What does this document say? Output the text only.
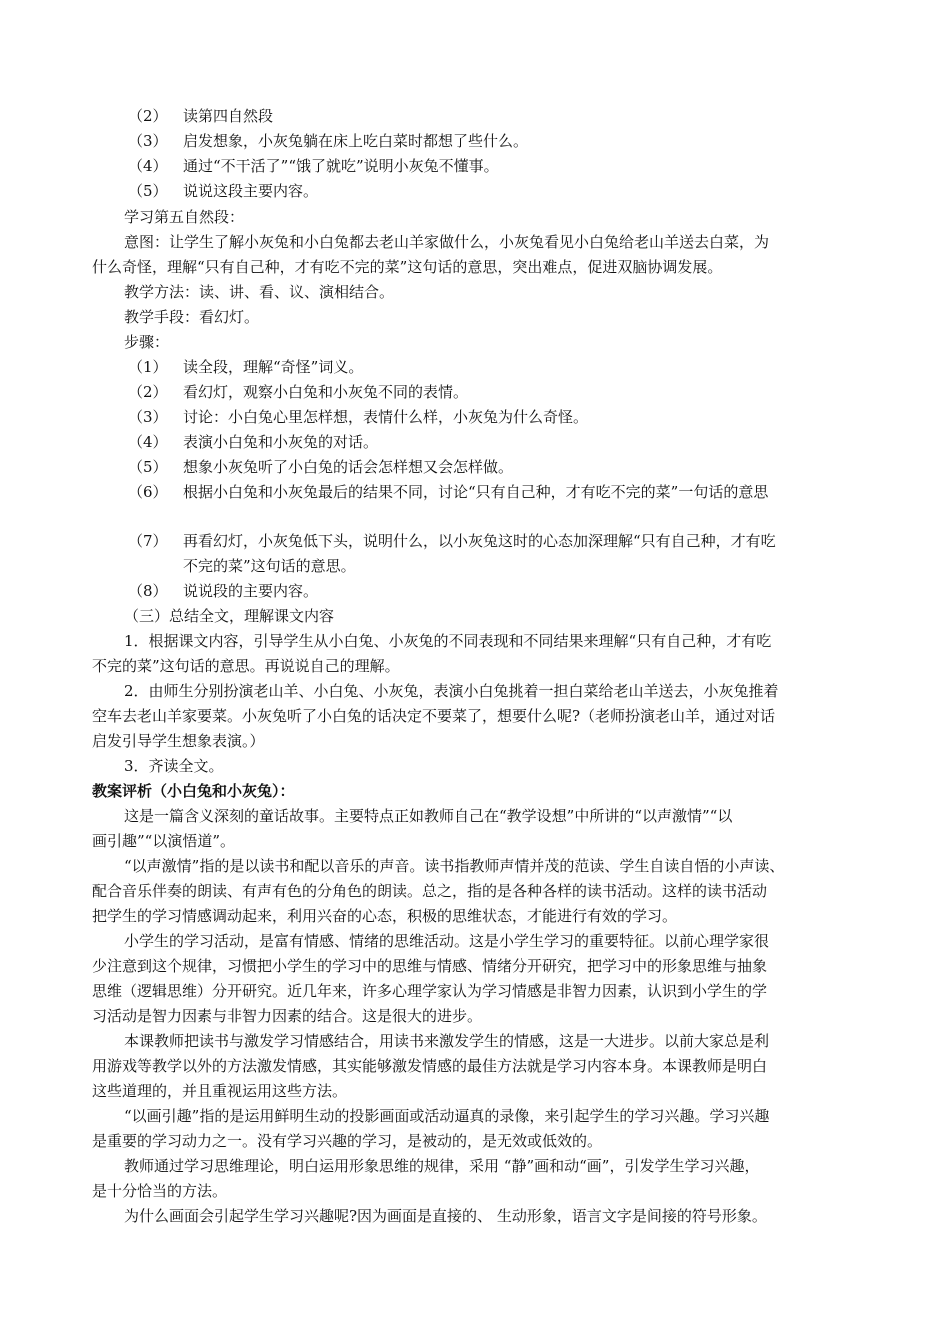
（2） 读第四自然段
（3） 启发想象，小灰兔躺在床上吃白菜时都想了些什么。
（4） 通过“不干活了”“饿了就吃”说明小灰兔不懂事。
（5） 说说这段主要内容。
学习第五自然段：
意图：让学生了解小灰兔和小白兔都去老山羊家做什么，小灰兔看见小白兔给老山羊送去白菜，为
什么奇怪，理解“只有自己种，才有吃不完的菜”这句话的意思，突出难点，促进双脑协调发展。
教学方法：读、讲、看、议、演相结合。
教学手段：看幻灯。
步骤：
（1） 读全段，理解“奇怪”词义。
（2） 看幻灯，观察小白兔和小灰兔不同的表情。
（3） 讨论：小白兔心里怎样想，表情什么样，小灰兔为什么奇怪。
（4） 表演小白兔和小灰兔的对话。
（5） 想象小灰兔听了小白兔的话会怎样想又会怎样做。
（6） 根据小白兔和小灰兔最后的结果不同，讨论“只有自己种，才有吃不完的菜”一句话的意思
（7） 再看幻灯，小灰兔低下头，说明什么，以小灰兔这时的心态加深理解“只有自己种，才有吃
不完的菜”这句话的意思。
（8） 说说段的主要内容。
（三）总结全文，理解课文内容
1．根据课文内容，引导学生从小白兔、小灰兔的不同表现和不同结果来理解“只有自己种，才有吃
不完的菜”这句话的意思。再说说自己的理解。
2．由师生分别扮演老山羊、小白兔、小灰兔，表演小白兔挑着一担白菜给老山羊送去，小灰兔推着
空车去老山羊家要菜。小灰兔听了小白兔的话决定不要菜了，想要什么呢?（老师扮演老山羊，通过对话
启发引导学生想象表演。）
3．齐读全文。
教案评析（小白兔和小灰兔）：
这是一篇含义深刻的童话故事。主要特点正如教师自己在“教学设想”中所讲的“以声激情”“以
画引趣”“以演悟道”。
“以声激情”指的是以读书和配以音乐的声音。读书指教师声情并茂的范读、学生自读自悟的小声读、
配合音乐伴奏的朗读、有声有色的分角色的朗读。总之，指的是各种各样的读书活动。这样的读书活动
把学生的学习情感调动起来，利用兴奋的心态，积极的思维状态，才能进行有效的学习。
小学生的学习活动，是富有情感、情绪的思维活动。这是小学生学习的重要特征。以前心理学家很
少注意到这个规律，习惯把小学生的学习中的思维与情感、情绪分开研究，把学习中的形象思维与抽象
思维（逻辑思维）分开研究。近几年来，许多心理学家认为学习情感是非智力因素，认识到小学生的学
习活动是智力因素与非智力因素的结合。这是很大的进步。
本课教师把读书与激发学习情感结合，用读书来激发学生的情感，这是一大进步。以前大家总是利
用游戏等教学以外的方法激发情感，其实能够激发情感的最佳方法就是学习内容本身。本课教师是明白
这些道理的，并且重视运用这些方法。
“以画引趣”指的是运用鲜明生动的投影画面或活动逼真的录像，来引起学生的学习兴趣。学习兴趣
是重要的学习动力之一。没有学习兴趣的学习，是被动的，是无效或低效的。
教师通过学习思维理论，明白运用形象思维的规律，采用 “静”画和动“画”，引发学生学习兴趣，
是十分恰当的方法。
为什么画面会引起学生学习兴趣呢?因为画面是直接的、 生动形象，语言文字是间接的符号形象。
